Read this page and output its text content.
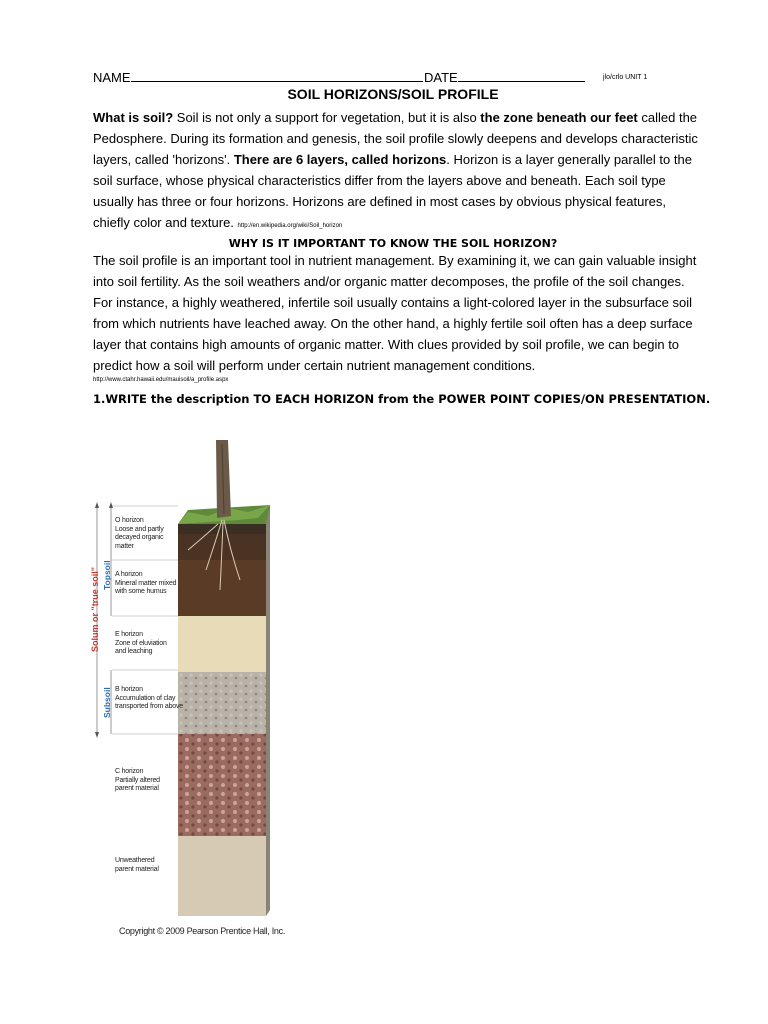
NAME	DATE	jlo/crlo UNIT 1
SOIL HORIZONS/SOIL PROFILE

What is soil? Soil is not only a support for vegetation, but it is also the zone beneath our feet called the Pedosphere. During its formation and genesis, the soil profile slowly deepens and develops characteristic layers, called 'horizons'. There are 6 layers, called horizons. Horizon is a layer generally parallel to the soil surface, whose physical characteristics differ from the layers above and beneath. Each soil type usually has three or four horizons. Horizons are defined in most cases by obvious physical features, chiefly color and texture. http://en.wikipedia.org/wiki/Soil_horizon

WHY IS IT IMPORTANT TO KNOW THE SOIL HORIZON?

The soil profile is an important tool in nutrient management. By examining it, we can gain valuable insight into soil fertility. As the soil weathers and/or organic matter decomposes, the profile of the soil changes. For instance, a highly weathered, infertile soil usually contains a light-colored layer in the subsurface soil from which nutrients have leached away. On the other hand, a highly fertile soil often has a deep surface layer that contains high amounts of organic matter. With clues provided by soil profile, we can begin to predict how a soil will perform under certain nutrient management conditions.

http://www.ctahr.hawaii.edu/mauisoil/a_profile.aspx
1.WRITE the description TO EACH HORIZON from the POWER POINT COPIES/ON PRESENTATION.
Solum or "true soil" Topsoil
Subsoil
O horizon
Loose and partly decayed organic matter
A horizon
Mineral matter mixed with some humus
E horizon
Zone of eluviation and leaching
B horizon
Accumulation of clay transported from above
C horizon
Partially altered parent material
Unweathered
parent material
Copyright © 2009 Pearson Prentice Hall, Inc.
